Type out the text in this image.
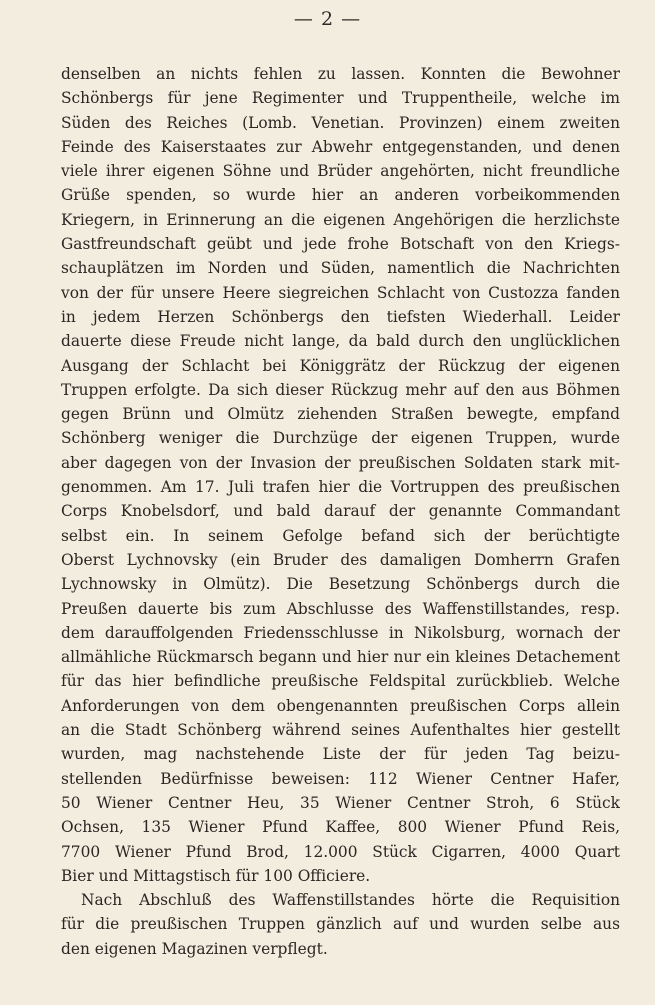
— 2 —
denselben an nichts fehlen zu lassen. Konnten die Bewohner
Schönbergs für jene Regimenter und Truppentheile, welche im
Süden des Reiches (Lomb. Venetian. Provinzen) einem zweiten
Feinde des Kaiserstaates zur Abwehr entgegenstanden, und denen
viele ihrer eigenen Söhne und Brüder angehörten, nicht freundliche
Grüße spenden, so wurde hier an anderen vorbeikommenden
Kriegern, in Erinnerung an die eigenen Angehörigen die herzlichste
Gastfreundschaft geübt und jede frohe Botschaft von den Kriegs-
schauplätzen im Norden und Süden, namentlich die Nachrichten
von der für unsere Heere siegreichen Schlacht von Custozza fanden
in jedem Herzen Schönbergs den tiefsten Wiederhall. Leider
dauerte diese Freude nicht lange, da bald durch den unglücklichen
Ausgang der Schlacht bei Königgrätz der Rückzug der eigenen
Truppen erfolgte. Da sich dieser Rückzug mehr auf den aus Böhmen
gegen Brünn und Olmütz ziehenden Straßen bewegte, empfand
Schönberg weniger die Durchzüge der eigenen Truppen, wurde
aber dagegen von der Invasion der preußischen Soldaten stark mit-
genommen. Am 17. Juli trafen hier die Vortruppen des preußischen
Corps Knobelsdorf, und bald darauf der genannte Commandant
selbst ein. In seinem Gefolge befand sich der berüchtigte
Oberst Lychnovsky (ein Bruder des damaligen Domherrn Grafen
Lychnowsky in Olmütz). Die Besetzung Schönbergs durch die
Preußen dauerte bis zum Abschlusse des Waffenstillstandes, resp.
dem darauffolgenden Friedensschlusse in Nikolsburg, wornach der
allmähliche Rückmarsch begann und hier nur ein kleines Detachement
für das hier befindliche preußische Feldspital zurückblieb. Welche
Anforderungen von dem obengenannten preußischen Corps allein
an die Stadt Schönberg während seines Aufenthaltes hier gestellt
wurden, mag nachstehende Liste der für jeden Tag beizu-
stellenden Bedürfnisse beweisen: 112 Wiener Centner Hafer,
50 Wiener Centner Heu, 35 Wiener Centner Stroh, 6 Stück
Ochsen, 135 Wiener Pfund Kaffee, 800 Wiener Pfund Reis,
7700 Wiener Pfund Brod, 12.000 Stück Cigarren, 4000 Quart
Bier und Mittagstisch für 100 Officiere.
Nach Abschluß des Waffenstillstandes hörte die Requisition
für die preußischen Truppen gänzlich auf und wurden selbe aus
den eigenen Magazinen verpflegt.
